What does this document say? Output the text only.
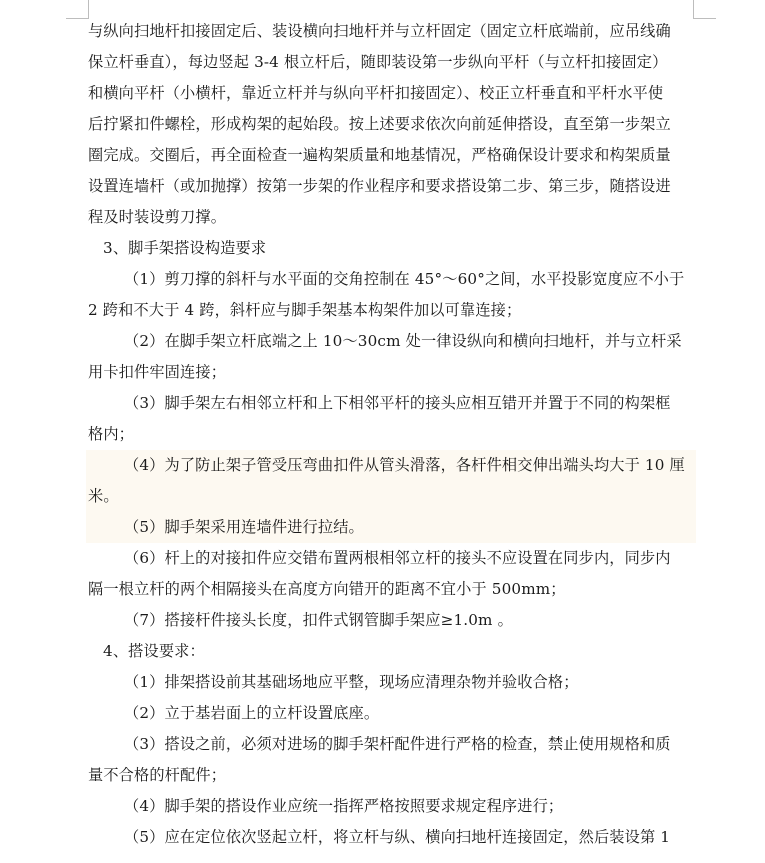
与纵向扫地杆扣接固定后、装设横向扫地杆并与立杆固定（固定立杆底端前，应吊线确
保立杆垂直），每边竖起 3-4 根立杆后，随即装设第一步纵向平杆（与立杆扣接固定）
和横向平杆（小横杆，靠近立杆并与纵向平杆扣接固定）、校正立杆垂直和平杆水平使
后拧紧扣件螺栓，形成构架的起始段。按上述要求依次向前延伸搭设，直至第一步架立
圈完成。交圈后，再全面检查一遍构架质量和地基情况，严格确保设计要求和构架质量
设置连墙杆（或加抛撑）按第一步架的作业程序和要求搭设第二步、第三步，随搭设进
程及时装设剪刀撑。
3、脚手架搭设构造要求
（1）剪刀撑的斜杆与水平面的交角控制在 45°～60°之间，水平投影宽度应不小于
2 跨和不大于 4 跨，斜杆应与脚手架基本构架件加以可靠连接；
（2）在脚手架立杆底端之上 10～30cm 处一律设纵向和横向扫地杆，并与立杆采
用卡扣件牢固连接；
（3）脚手架左右相邻立杆和上下相邻平杆的接头应相互错开并置于不同的构架框
格内；
（4）为了防止架子管受压弯曲扣件从管头滑落，各杆件相交伸出端头均大于 10 厘
米。
（5）脚手架采用连墙件进行拉结。
（6）杆上的对接扣件应交错布置两根相邻立杆的接头不应设置在同步内，同步内
隔一根立杆的两个相隔接头在高度方向错开的距离不宜小于 500mm；
（7）搭接杆件接头长度，扣件式钢管脚手架应≥1.0m 。
4、搭设要求：
（1）排架搭设前其基础场地应平整，现场应清理杂物并验收合格；
（2）立于基岩面上的立杆设置底座。
（3）搭设之前，必须对进场的脚手架杆配件进行严格的检查，禁止使用规格和质
量不合格的杆配件；
（4）脚手架的搭设作业应统一指挥严格按照要求规定程序进行；
（5）应在定位依次竖起立杆，将立杆与纵、横向扫地杆连接固定，然后装设第 1
